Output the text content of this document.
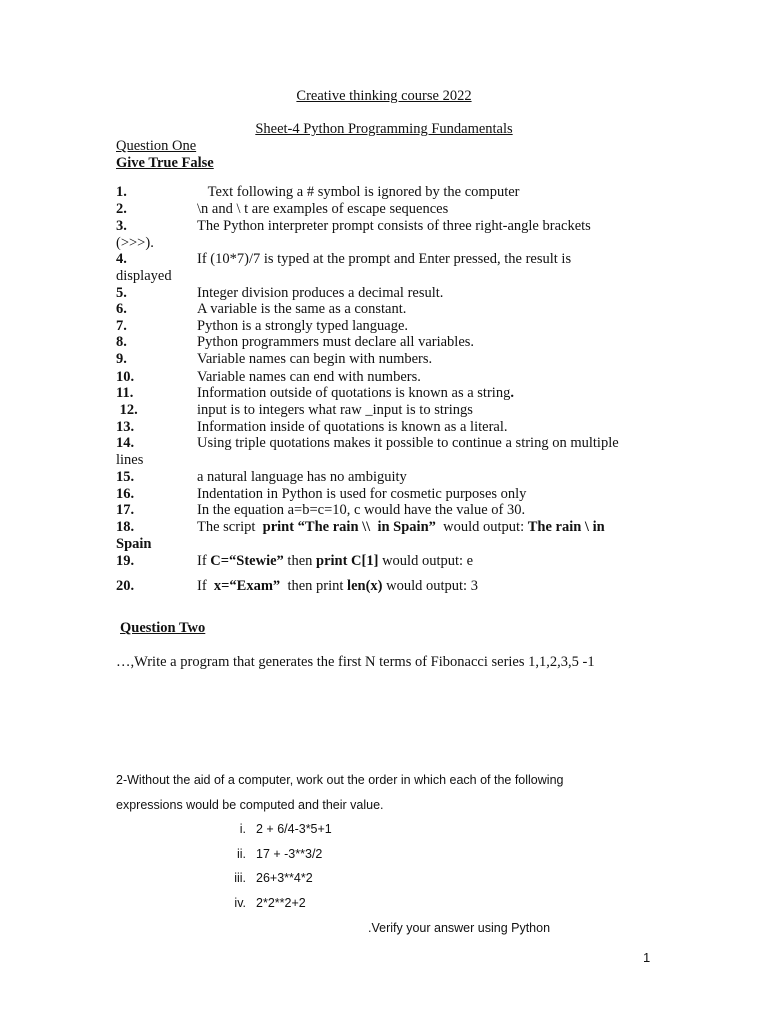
Creative thinking course 2022
Sheet-4 Python Programming Fundamentals
Question One
Give True False
1.	Text following a # symbol is ignored by the computer
2.	\n and \ t are examples of escape sequences
3.	The Python interpreter prompt consists of three right-angle brackets
(>>>).
4.	If (10*7)/7 is typed at the prompt and Enter pressed, the result is
displayed
5.	Integer division produces a decimal result.
6.	A variable is the same as a constant.
7.	Python is a strongly typed language.
8.	Python programmers must declare all variables.
9.	Variable names can begin with numbers.
10.	Variable names can end with numbers.
11.	Information outside of quotations is known as a string.
12.	input is to integers what raw _input is to strings
13.	Information inside of quotations is known as a literal.
14.	Using triple quotations makes it possible to continue a string on multiple
lines
15.	a natural language has no ambiguity
16.	Indentation in Python is used for cosmetic purposes only
17.	In the equation a=b=c=10, c would have the value of 30.
18.	The script  print “The rain \\  in Spain”  would output: The rain \ in
Spain
19.	If C=“Stewie” then print C[1] would output: e
20.	If  x=“Exam”  then print len(x) would output: 3
Question Two
…,Write a program that generates the first N terms of Fibonacci series 1,1,2,3,5 -1
2-Without the aid of a computer, work out the order in which each of the following
expressions would be computed and their value.
i. 2 + 6/4-3*5+1
ii. 17 + -3**3/2
iii. 26+3**4*2
iv. 2*2**2+2
.Verify your answer using Python
1
